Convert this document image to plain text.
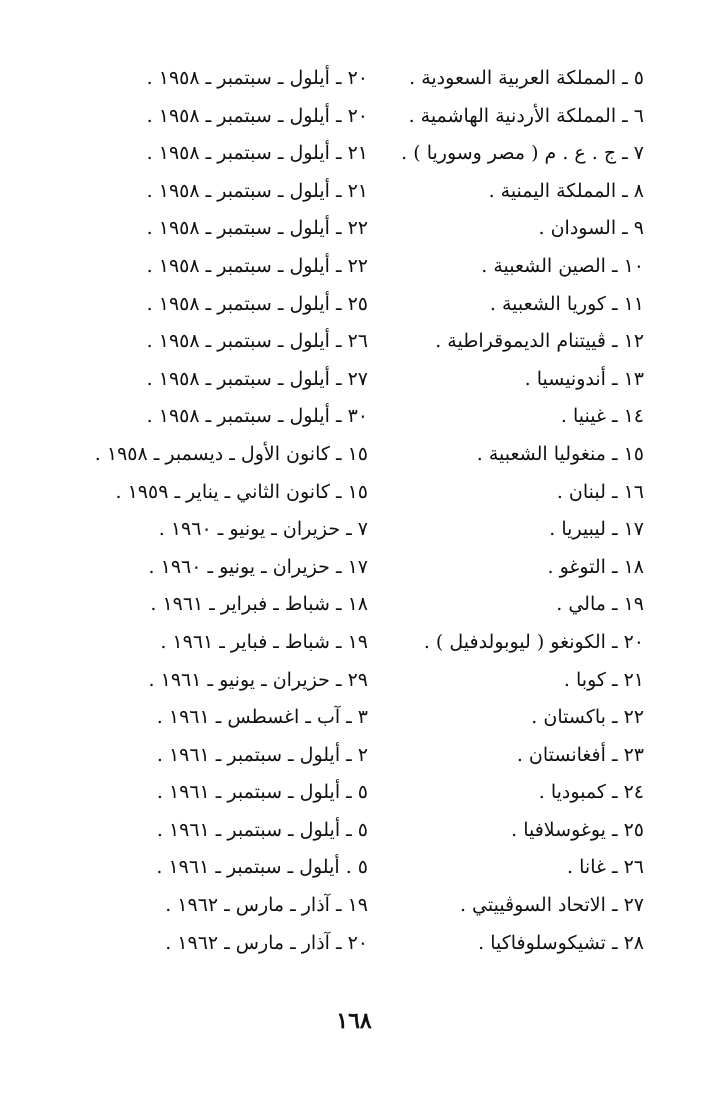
٥ ـ المملكة العربية السعودية .
٢٠ ـ أيلول ـ سبتمبر ـ ١٩٥٨ .
٦ ـ المملكة الأردنية الهاشمية .
٢٠ ـ أيلول ـ سبتمبر ـ ١٩٥٨ .
٧ ـ ج . ع . م ( مصر وسوريا ) .
٢١ ـ أيلول ـ سبتمبر ـ ١٩٥٨ .
٨ ـ المملكة اليمنية .
٢١ ـ أيلول ـ سبتمبر ـ ١٩٥٨ .
٩ ـ السودان .
٢٢ ـ أيلول ـ سبتمبر ـ ١٩٥٨ .
١٠ ـ الصين الشعبية .
٢٢ ـ أيلول ـ سبتمبر ـ ١٩٥٨ .
١١ ـ كوريا الشعبية .
٢٥ ـ أيلول ـ سبتمبر ـ ١٩٥٨ .
١٢ ـ ڤييتنام الديموقراطية .
٢٦ ـ أيلول ـ سبتمبر ـ ١٩٥٨ .
١٣ ـ أندونيسيا .
٢٧ ـ أيلول ـ سبتمبر ـ ١٩٥٨ .
١٤ ـ غينيا .
٣٠ ـ أيلول ـ سبتمبر ـ ١٩٥٨ .
١٥ ـ منغوليا الشعبية .
١٥ ـ كانون الأول ـ ديسمبر ـ ١٩٥٨ .
١٦ ـ لبنان .
١٥ ـ كانون الثاني ـ يناير ـ ١٩٥٩ .
١٧ ـ ليبيريا .
٧ ـ حزيران ـ يونيو ـ ١٩٦٠ .
١٨ ـ التوغو .
١٧ ـ حزيران ـ يونيو ـ ١٩٦٠ .
١٩ ـ مالي .
١٨ ـ شباط ـ فبراير ـ ١٩٦١ .
٢٠ ـ الكونغو ( ليوبولدفيل ) .
١٩ ـ شباط ـ فباير ـ ١٩٦١ .
٢١ ـ كوبا .
٢٩ ـ حزيران ـ يونيو ـ ١٩٦١ .
٢٢ ـ باكستان .
٣ ـ آب ـ اغسطس ـ ١٩٦١ .
٢٣ ـ أفغانستان .
٢ ـ أيلول ـ سبتمبر ـ ١٩٦١ .
٢٤ ـ كمبوديا .
٥ ـ أيلول ـ سبتمبر ـ ١٩٦١ .
٢٥ ـ يوغوسلافيا .
٥ ـ أيلول ـ سبتمبر ـ ١٩٦١ .
٢٦ ـ غانا .
٥ . أيلول ـ سبتمبر ـ ١٩٦١ .
٢٧ ـ الاتحاد السوڤييتي .
١٩ ـ آذار ـ مارس ـ ١٩٦٢ .
٢٨ ـ تشيكوسلوفاكيا .
٢٠ ـ آذار ـ مارس ـ ١٩٦٢ .
١٦٨
